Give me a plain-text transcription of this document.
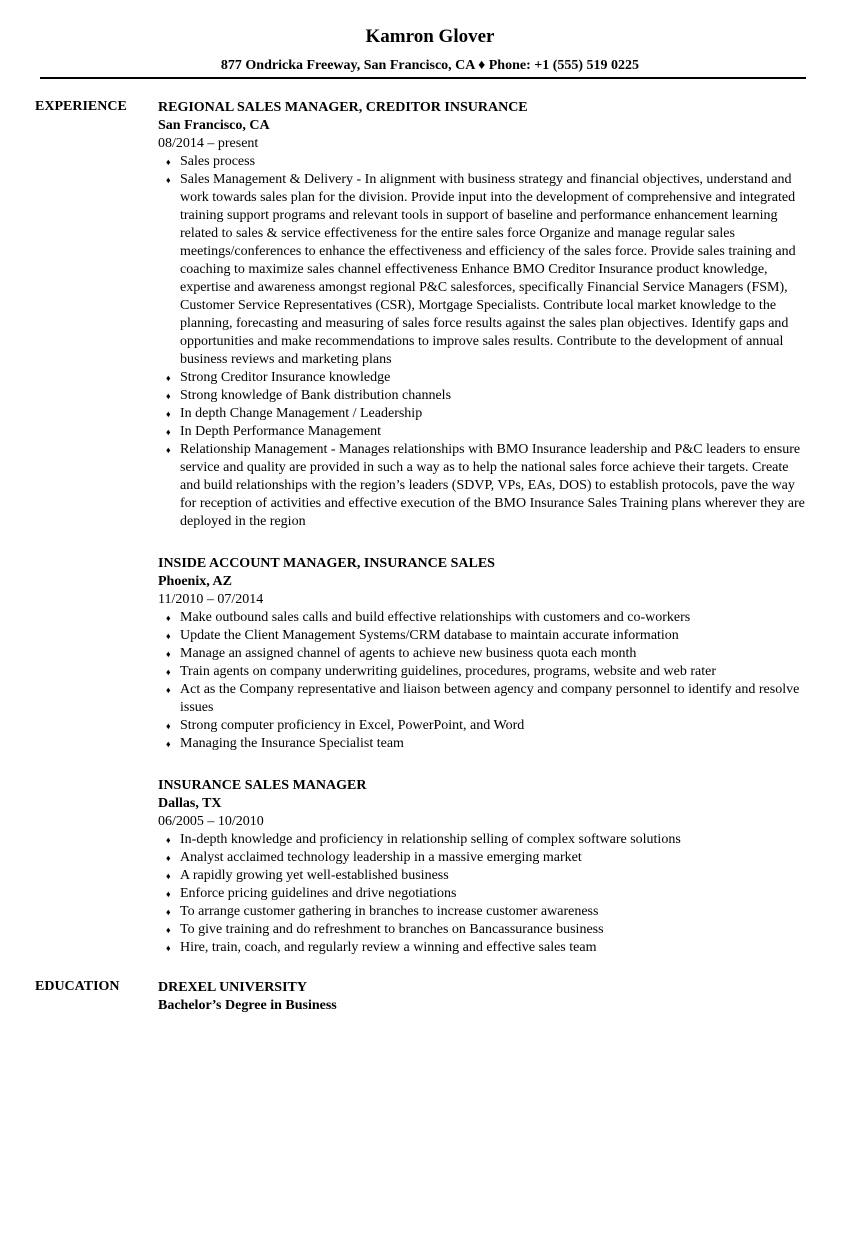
Kamron Glover
877 Ondricka Freeway, San Francisco, CA ♦ Phone: +1 (555) 519 0225
EXPERIENCE REGIONAL SALES MANAGER, CREDITOR INSURANCE
San Francisco, CA
08/2014 – present
♦ Sales process
♦ Sales Management & Delivery - In alignment with business strategy and financial objectives, understand and work towards sales plan for the division. Provide input into the development of comprehensive and integrated training support programs and relevant tools in support of baseline and performance enhancement learning related to sales & service effectiveness for the entire sales force Organize and manage regular sales meetings/conferences to enhance the effectiveness and efficiency of the sales force. Provide sales training and coaching to maximize sales channel effectiveness Enhance BMO Creditor Insurance product knowledge, expertise and awareness amongst regional P&C salesforces, specifically Financial Service Managers (FSM), Customer Service Representatives (CSR), Mortgage Specialists. Contribute local market knowledge to the planning, forecasting and measuring of sales force results against the sales plan objectives. Identify gaps and opportunities and make recommendations to improve sales results. Contribute to the development of annual business reviews and marketing plans
♦ Strong Creditor Insurance knowledge
♦ Strong knowledge of Bank distribution channels
♦ In depth Change Management / Leadership
♦ In Depth Performance Management
♦ Relationship Management - Manages relationships with BMO Insurance leadership and P&C leaders to ensure service and quality are provided in such a way as to help the national sales force achieve their targets. Create and build relationships with the region’s leaders (SDVP, VPs, EAs, DOS) to establish protocols, pave the way for reception of activities and effective execution of the BMO Insurance Sales Training plans wherever they are deployed in the region
INSIDE ACCOUNT MANAGER, INSURANCE SALES
Phoenix, AZ
11/2010 – 07/2014
♦ Make outbound sales calls and build effective relationships with customers and co-workers
♦ Update the Client Management Systems/CRM database to maintain accurate information
♦ Manage an assigned channel of agents to achieve new business quota each month
♦ Train agents on company underwriting guidelines, procedures, programs, website and web rater
♦ Act as the Company representative and liaison between agency and company personnel to identify and resolve issues
♦ Strong computer proficiency in Excel, PowerPoint, and Word
♦ Managing the Insurance Specialist team
INSURANCE SALES MANAGER
Dallas, TX
06/2005 – 10/2010
♦ In-depth knowledge and proficiency in relationship selling of complex software solutions
♦ Analyst acclaimed technology leadership in a massive emerging market
♦ A rapidly growing yet well-established business
♦ Enforce pricing guidelines and drive negotiations
♦ To arrange customer gathering in branches to increase customer awareness
♦ To give training and do refreshment to branches on Bancassurance business
♦ Hire, train, coach, and regularly review a winning and effective sales team
EDUCATION	DREXEL UNIVERSITY
Bachelor’s Degree in Business
